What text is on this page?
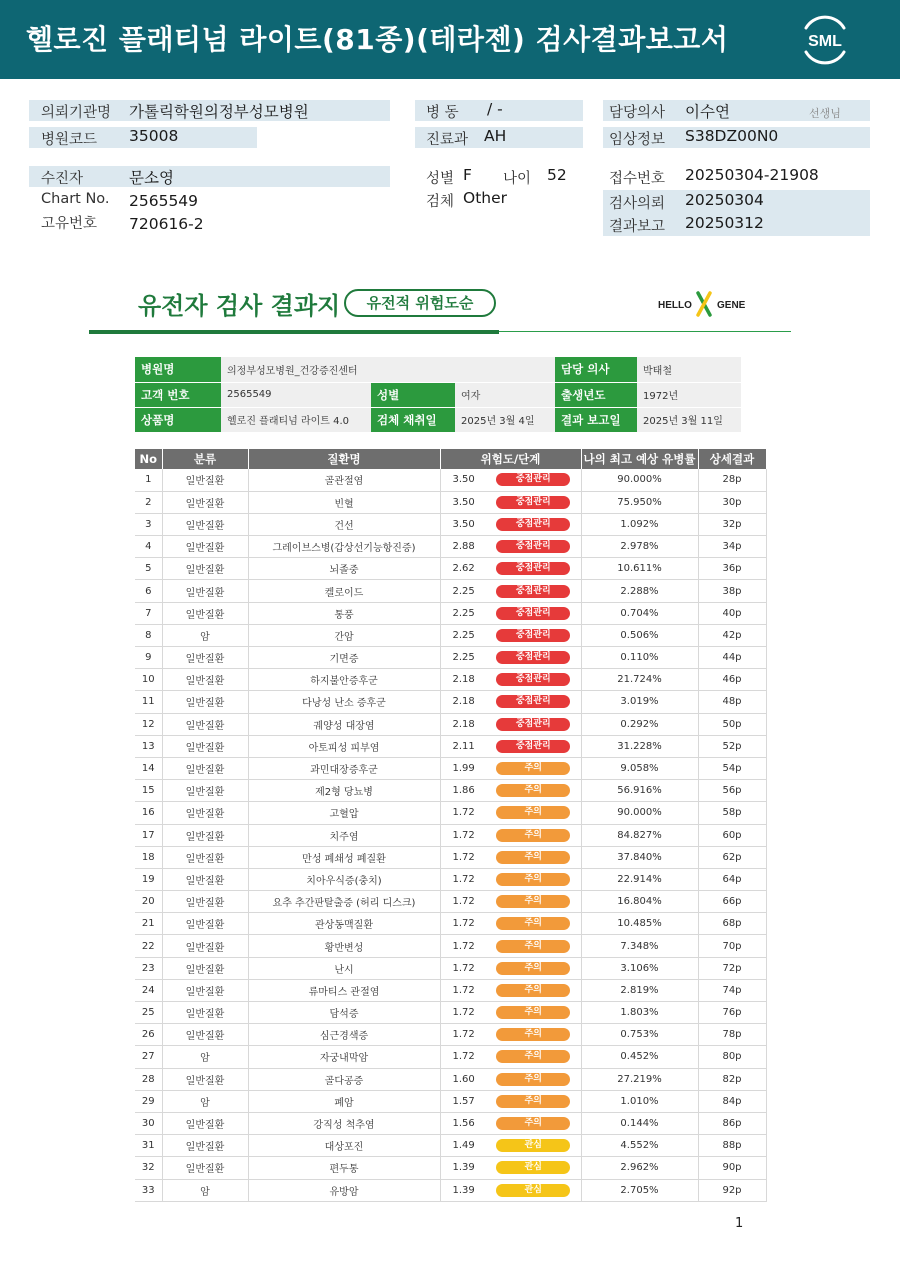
헬로진 플래티넘 라이트(81종)(테라젠) 검사결과보고서	SML
의뢰기관명 가톨릭학원의정부성모병원
병원코드 35008
병 동 / -
진료과 AH
담당의사 이수연	선생님
임상정보 S38DZ00N0
수진자	문소영
Chart No. 2565549
고유번호 720616-2
성별 F 나이 52
검체 Other
접수번호 20250304-21908
검사의뢰 20250304
결과보고 20250312
유전자 검사 결과지	유전적 위험도순	HELLO	GENE
병원명	의정부성모병원_건강증진센터			담당 의사	박태철
고객 번호	2565549	성별	여자	출생년도	1972년
상품명	헬로진 플래티넘 라이트 4.0	검체 채취일	2025년 3월 4일	결과 보고일	2025년 3월 11일
No	분류	질환명	위험도/단계		나의 최고 예상 유병률	상세결과
1	일반질환	골관절염	3.50	중점관리	90.000%	28p
2	일반질환	빈혈	3.50	중점관리	75.950%	30p
3	일반질환	건선	3.50	중점관리	1.092%	32p
4	일반질환	그레이브스병(갑상선기능항진증)	2.88	중점관리	2.978%	34p
5	일반질환	뇌졸중	2.62	중점관리	10.611%	36p
6	일반질환	켈로이드	2.25	중점관리	2.288%	38p
7	일반질환	통풍	2.25	중점관리	0.704%	40p
8	암	간암	2.25	중점관리	0.506%	42p
9	일반질환	기면증	2.25	중점관리	0.110%	44p
10	일반질환	하지불안증후군	2.18	중점관리	21.724%	46p
11	일반질환	다낭성 난소 증후군	2.18	중점관리	3.019%	48p
12	일반질환	궤양성 대장염	2.18	중점관리	0.292%	50p
13	일반질환	아토피성 피부염	2.11	중점관리	31.228%	52p
14	일반질환	과민대장증후군	1.99	주의	9.058%	54p
15	일반질환	제2형 당뇨병	1.86	주의	56.916%	56p
16	일반질환	고혈압	1.72	주의	90.000%	58p
17	일반질환	치주염	1.72	주의	84.827%	60p
18	일반질환	만성 폐쇄성 폐질환	1.72	주의	37.840%	62p
19	일반질환	치아우식증(충치)	1.72	주의	22.914%	64p
20	일반질환	요추 추간판탈출증 (허리 디스크)	1.72	주의	16.804%	66p
21	일반질환	관상동맥질환	1.72	주의	10.485%	68p
22	일반질환	황반변성	1.72	주의	7.348%	70p
23	일반질환	난시	1.72	주의	3.106%	72p
24	일반질환	류마티스 관절염	1.72	주의	2.819%	74p
25	일반질환	담석증	1.72	주의	1.803%	76p
26	일반질환	심근경색증	1.72	주의	0.753%	78p
27	암	자궁내막암	1.72	주의	0.452%	80p
28	일반질환	골다공증	1.60	주의	27.219%	82p
29	암	폐암	1.57	주의	1.010%	84p
30	일반질환	강직성 척추염	1.56	주의	0.144%	86p
31	일반질환	대상포진	1.49	관심	4.552%	88p
32	일반질환	편두통	1.39	관심	2.962%	90p
33	암	유방암	1.39	관심	2.705%	92p
1
